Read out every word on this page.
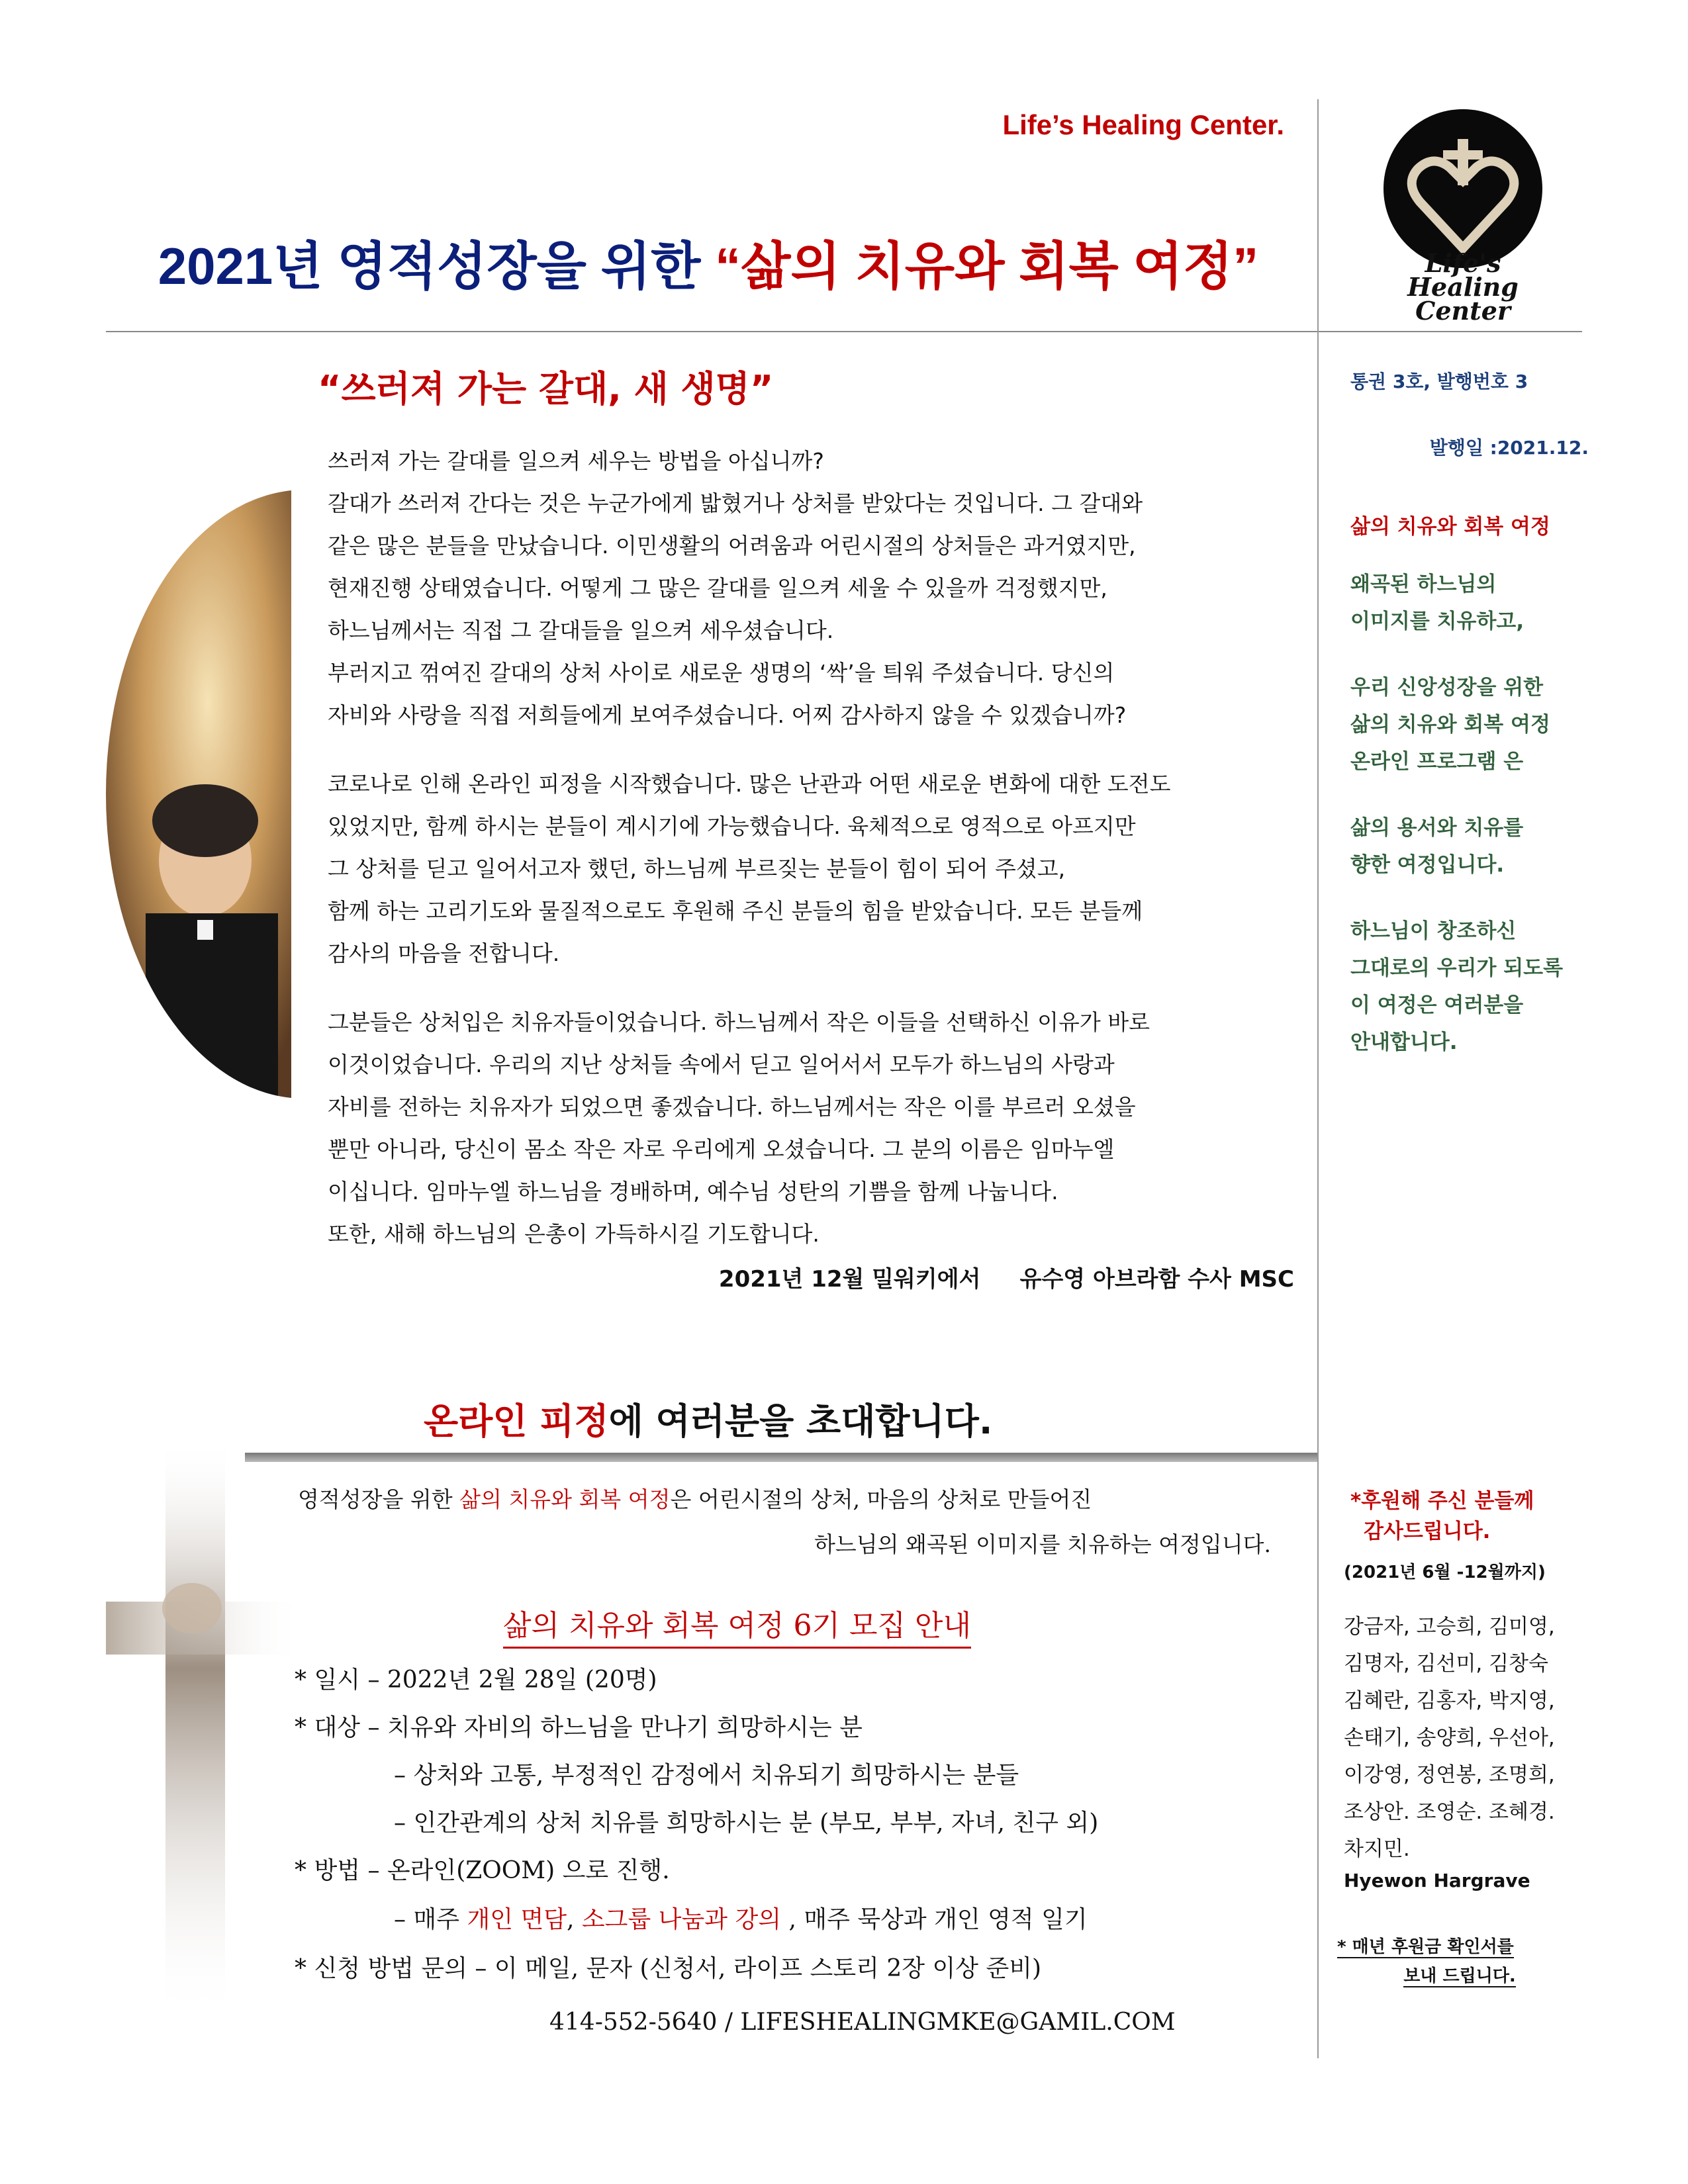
Life’s Healing Center.
2021년 영적성장을 위한 “삶의 치유와 회복 여정”	Life's
Healing
Center
“쓰러져 가는 갈대, 새 생명”

쓰러져 가는 갈대를 일으켜 세우는 방법을 아십니까?
갈대가 쓰러져 간다는 것은 누군가에게 밟혔거나 상처를 받았다는 것입니다. 그 갈대와
같은 많은 분들을 만났습니다. 이민생활의 어려움과 어린시절의 상처들은 과거였지만,
현재진행 상태였습니다. 어떻게 그 많은 갈대를 일으켜 세울 수 있을까 걱정했지만,
하느님께서는 직접 그 갈대들을 일으켜 세우셨습니다.
부러지고 꺾여진 갈대의 상처 사이로 새로운 생명의 ‘싹’을 틔워 주셨습니다. 당신의
자비와 사랑을 직접 저희들에게 보여주셨습니다. 어찌 감사하지 않을 수 있겠습니까?

코로나로 인해 온라인 피정을 시작했습니다. 많은 난관과 어떤 새로운 변화에 대한 도전도
있었지만, 함께 하시는 분들이 계시기에 가능했습니다. 육체적으로 영적으로 아프지만
그 상처를 딛고 일어서고자 했던, 하느님께 부르짖는 분들이 힘이 되어 주셨고,
함께 하는 고리기도와 물질적으로도 후원해 주신 분들의 힘을 받았습니다. 모든 분들께
감사의 마음을 전합니다.

그분들은 상처입은 치유자들이었습니다. 하느님께서 작은 이들을 선택하신 이유가 바로
이것이었습니다. 우리의 지난 상처들 속에서 딛고 일어서서 모두가 하느님의 사랑과
자비를 전하는 치유자가 되었으면 좋겠습니다. 하느님께서는 작은 이를 부르러 오셨을
뿐만 아니라, 당신이 몸소 작은 자로 우리에게 오셨습니다. 그 분의 이름은 임마누엘
이십니다. 임마누엘 하느님을 경배하며, 예수님 성탄의 기쁨을 함께 나눕니다.
또한, 새해 하느님의 은총이 가득하시길 기도합니다.

2021년 12월 밀워키에서     유수영 아브라함 수사 MSC
통권 3호, 발행번호 3
발행일 :2021.12.
삶의 치유와 회복 여정

왜곡된 하느님의
이미지를 치유하고,

우리 신앙성장을 위한
삶의 치유와 회복 여정
온라인 프로그램 은

삶의 용서와 치유를
향한 여정입니다.

하느님이 창조하신
그대로의 우리가 되도록
이 여정은 여러분을
안내합니다.

온라인 피정에 여러분을 초대합니다.
영적성장을 위한 삶의 치유와 회복 여정은 어린시절의 상처, 마음의 상처로 만들어진
하느님의 왜곡된 이미지를 치유하는 여정입니다.
삶의 치유와 회복 여정 6기 모집 안내
* 일시 – 2022년 2월 28일 (20명)
* 대상 – 치유와 자비의 하느님을 만나기 희망하시는 분
– 상처와 고통, 부정적인 감정에서 치유되기 희망하시는 분들
– 인간관계의 상처 치유를 희망하시는 분 (부모, 부부, 자녀, 친구 외)
* 방법 – 온라인(ZOOM) 으로 진행.
– 매주 개인 면담, 소그룹 나눔과 강의 , 매주 묵상과 개인 영적 일기
* 신청 방법 문의 – 이 메일, 문자 (신청서, 라이프 스토리 2장 이상 준비)
414-552-5640 / LIFESHEALINGMKE@GAMIL.COM
*후원해 주신 분들께
감사드립니다.
(2021년 6월 -12월까지)
강금자, 고승희, 김미영,
김명자, 김선미, 김창숙
김혜란, 김홍자, 박지영,
손태기, 송양희, 우선아,
이강영, 정연봉, 조명희,
조상안. 조영순. 조혜경.
차지민.
Hyewon Hargrave
* 매년 후원금 확인서를
보내 드립니다.
